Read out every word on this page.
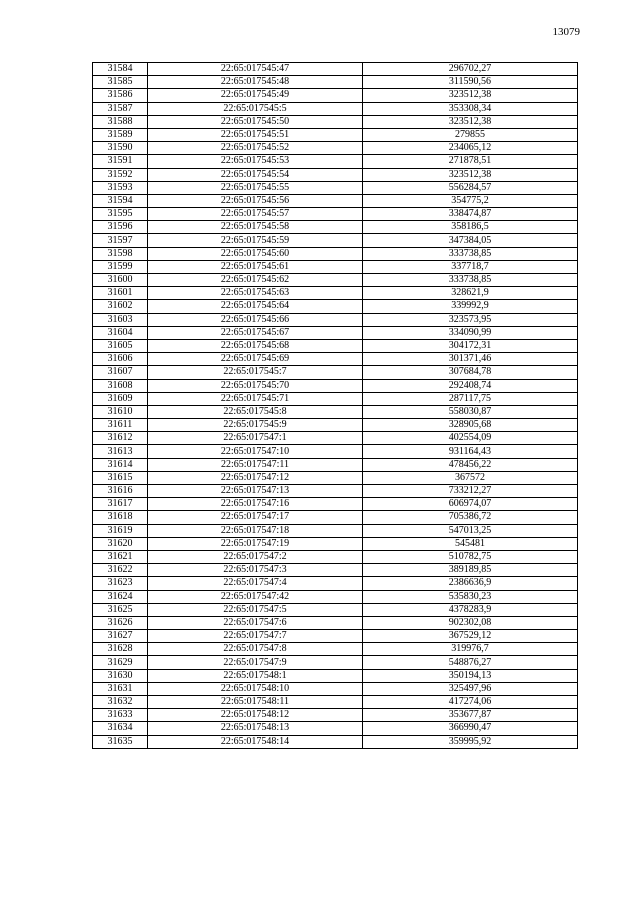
13079
31584	22:65:017545:47	296702,27
31585	22:65:017545:48	311590,56
31586	22:65:017545:49	323512,38
31587	22:65:017545:5	353308,34
31588	22:65:017545:50	323512,38
31589	22:65:017545:51	279855
31590	22:65:017545:52	234065,12
31591	22:65:017545:53	271878,51
31592	22:65:017545:54	323512,38
31593	22:65:017545:55	556284,57
31594	22:65:017545:56	354775,2
31595	22:65:017545:57	338474,87
31596	22:65:017545:58	358186,5
31597	22:65:017545:59	347384,05
31598	22:65:017545:60	333738,85
31599	22:65:017545:61	337718,7
31600	22:65:017545:62	333738,85
31601	22:65:017545:63	328621,9
31602	22:65:017545:64	339992,9
31603	22:65:017545:66	323573,95
31604	22:65:017545:67	334090,99
31605	22:65:017545:68	304172,31
31606	22:65:017545:69	301371,46
31607	22:65:017545:7	307684,78
31608	22:65:017545:70	292408,74
31609	22:65:017545:71	287117,75
31610	22:65:017545:8	558030,87
31611	22:65:017545:9	328905,68
31612	22:65:017547:1	402554,09
31613	22:65:017547:10	931164,43
31614	22:65:017547:11	478456,22
31615	22:65:017547:12	367572
31616	22:65:017547:13	733212,27
31617	22:65:017547:16	606974,07
31618	22:65:017547:17	705386,72
31619	22:65:017547:18	547013,25
31620	22:65:017547:19	545481
31621	22:65:017547:2	510782,75
31622	22:65:017547:3	389189,85
31623	22:65:017547:4	2386636,9
31624	22:65:017547:42	535830,23
31625	22:65:017547:5	4378283,9
31626	22:65:017547:6	902302,08
31627	22:65:017547:7	367529,12
31628	22:65:017547:8	319976,7
31629	22:65:017547:9	548876,27
31630	22:65:017548:1	350194,13
31631	22:65:017548:10	325497,96
31632	22:65:017548:11	417274,06
31633	22:65:017548:12	353677,87
31634	22:65:017548:13	366990,47
31635	22:65:017548:14	359995,92
